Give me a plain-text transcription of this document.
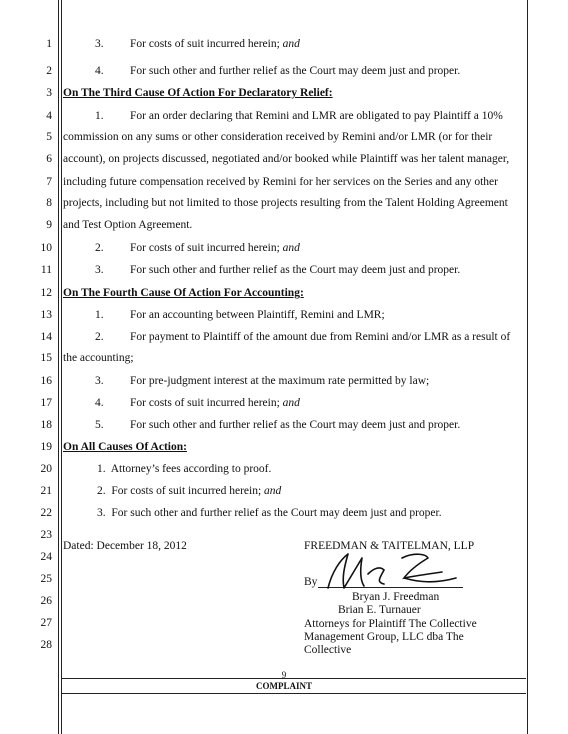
1
2
3
4
5
6
7
8
9
10
11
12
13
14
15
16
17
18
19
20
21
22
23
24
25
26
27
28
3. For costs of suit incurred herein; and
4. For such other and further relief as the Court may deem just and proper.
On The Third Cause Of Action For Declaratory Relief:
1. For an order declaring that Remini and LMR are obligated to pay Plaintiff a 10%
commission on any sums or other consideration received by Remini and/or LMR (or for their
account), on projects discussed, negotiated and/or booked while Plaintiff was her talent manager,
including future compensation received by Remini for her services on the Series and any other
projects, including but not limited to those projects resulting from the Talent Holding Agreement
and Test Option Agreement.
2. For costs of suit incurred herein; and
3. For such other and further relief as the Court may deem just and proper.
On The Fourth Cause Of Action For Accounting:
1. For an accounting between Plaintiff, Remini and LMR;
2. For payment to Plaintiff of the amount due from Remini and/or LMR as a result of
the accounting;
3. For pre-judgment interest at the maximum rate permitted by law;
4. For costs of suit incurred herein; and
5. For such other and further relief as the Court may deem just and proper.
On All Causes Of Action:
1.  Attorney’s fees according to proof.
2.  For costs of suit incurred herein; and
3.  For such other and further relief as the Court may deem just and proper.
Dated: December 18, 2012	FREEDMAN & TAITELMAN, LLP
By
Bryan J. Freedman
Brian E. Turnauer
Attorneys for Plaintiff The Collective
Management Group, LLC dba The
Collective
9
COMPLAINT
